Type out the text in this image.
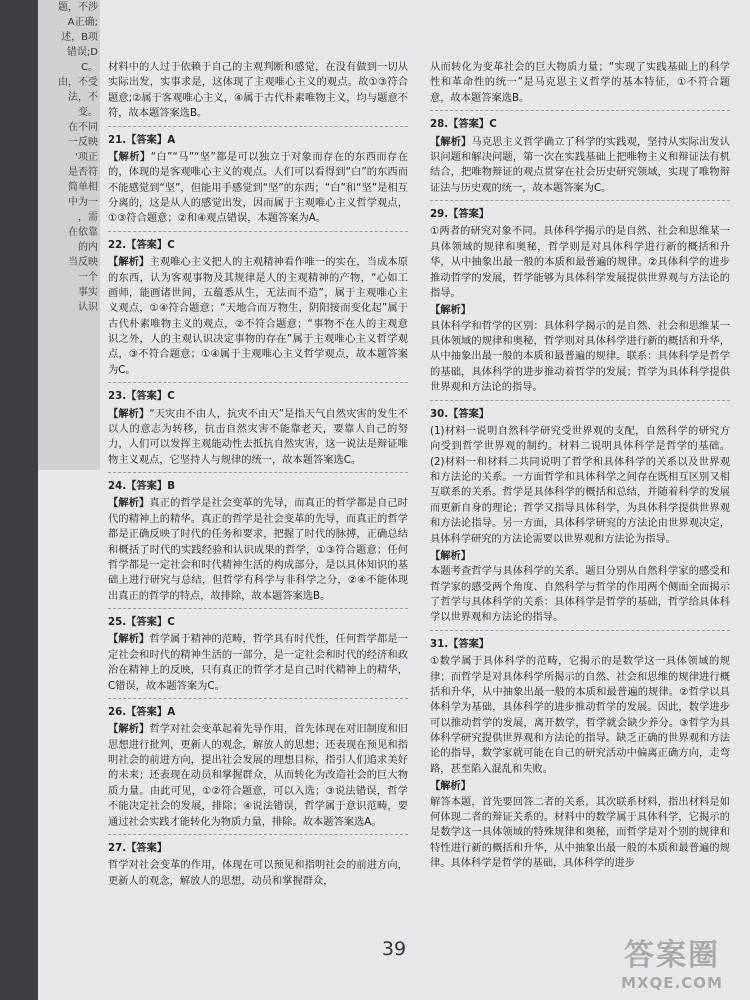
题，不涉
A正确;
述，B项
错误;D
C。
由，不受
法，不
变。
在不同
一反映
'项正
是否符
简单相
中为一
，需
在依靠
的内
当反映
一个
事实
认识

材料中的人过于依赖于自己的主观判断和感觉，在没有做到一切从实际出发，实事求是，这体现了主观唯心主义的观点。故①③符合题意;②属于客观唯心主义，④属于古代朴素唯物主义，均与题意不符，故本题答案选B。

21.【答案】A

【解析】“白”“马”“坚”都是可以独立于对象而存在的东西而存在的，体现的是客观唯心主义的观点。人们可以看得到“白”的东西而不能感觉到“坚”，但能用手感觉到“坚”的东西；“白”和“坚”是相互分离的，这是从人的感觉出发，因而属于主观唯心主义哲学观点，①③符合题意；②和④观点错误，本题答案为A。

22.【答案】C

【解析】主观唯心主义把人的主观精神看作唯一的实在，当成本原的东西，认为客观事物及其规律是人的主观精神的产物，“心如工画师，能画诸世间，五蕴悉从生，无法而不造”，属于主观唯心主义观点，①④符合题意；“天地合而万物生，阴阳接而变化起”属于古代朴素唯物主义的观点，②不符合题意；“事物不在人的主观意识之外，人的主观认识决定事物的存在”属于主观唯心主义哲学观点，③不符合题意；①④属于主观唯心主义哲学观点，故本题答案为C。

23.【答案】C

【解析】“天灾由不由人，抗灾不由天”是指天气自然灾害的发生不以人的意志为转移，抗击自然灾害不能靠老天，要靠人自己的努力，人们可以发挥主观能动性去抵抗自然灾害，这一说法是辩证唯物主义观点，它坚持人与规律的统一，故本题答案选C。

24.【答案】B

【解析】真正的哲学是社会变革的先导，而真正的哲学都是自己时代的精神上的精华。真正的哲学是社会变革的先导，而真正的哲学都是正确反映了时代的任务和要求，把握了时代的脉搏，正确总结和概括了时代的实践经验和认识成果的哲学，①③符合题意；任何哲学都是一定社会和时代精神生活的构成部分，是以具体知识的基础上进行研究与总结，但哲学有科学与非科学之分，②④不能体现出真正的哲学的特点，故排除，故本题答案选B。

25.【答案】C

【解析】哲学属于精神的范畴，哲学具有时代性，任何哲学都是一定社会和时代的精神生活的一部分，是一定社会和时代的经济和政治在精神上的反映，只有真正的哲学才是自己时代精神上的精华，C错误，故本题答案为C。

26.【答案】A

【解析】哲学对社会变革起着先导作用，首先体现在对旧制度和旧思想进行批判，更新人的观念，解放人的思想；还表现在预见和指明社会的前进方向，提出社会发展的理想目标，指引人们追求美好的未来；还表现在动员和掌握群众，从而转化为改造社会的巨大物质力量。由此可见，①②符合题意，可以入选；③说法错误，哲学不能决定社会的发展，排除；④说法错误，哲学属于意识范畴，要通过社会实践才能转化为物质力量，排除。故本题答案选A。

27.【答案】

哲学对社会变革的作用，体现在可以预见和指明社会的前进方向，更新人的观念，解放人的思想，动员和掌握群众，

从而转化为变革社会的巨大物质力量；“实现了实践基础上的科学性和革命性的统一”是马克思主义哲学的基本特征，①不符合题意，故本题答案选B。

28.【答案】C

【解析】马克思主义哲学确立了科学的实践观，坚持从实际出发认识问题和解决问题，第一次在实践基础上把唯物主义和辩证法有机结合，把唯物辩证的观点贯穿在社会历史研究领域，实现了唯物辩证法与历史观的统一，故本题答案为C。

29.【答案】

①两者的研究对象不同。具体科学揭示的是自然、社会和思维某一具体领域的规律和奥秘，哲学则是对具体科学进行新的概括和升华，从中抽象出最一般的本质和最普遍的规律。②具体科学的进步推动哲学的发展，哲学能够为具体科学发展提供世界观与方法论的指导。

【解析】

具体科学和哲学的区别：具体科学揭示的是自然、社会和思维某一具体领域的规律和奥秘，哲学则对具体科学进行新的概括和升华，从中抽象出最一般的本质和最普遍的规律。联系：具体科学是哲学的基础，具体科学的进步推动着哲学的发展；哲学为具体科学提供世界观和方法论的指导。

30.【答案】

(1)材料一说明自然科学研究受世界观的支配，自然科学的研究方向受到哲学世界观的制约。材料二说明具体科学是哲学的基础。(2)材料一和材料二共同说明了哲学和具体科学的关系以及世界观和方法论的关系。一方面哲学和具体科学之间存在既相互区别又相互联系的关系。哲学是具体科学的概括和总结，并随着科学的发展而更新自身的理论；哲学又指导具体科学，为具体科学提供世界观和方法论指导。另一方面，具体科学研究的方法论由世界观决定，具体科学研究的方法论需要以世界观和方法论为指导。

【解析】

本题考查哲学与具体科学的关系。题目分别从自然科学家的感受和哲学家的感受两个角度、自然科学与哲学的作用两个侧面全面揭示了哲学与具体科学的关系：具体科学是哲学的基础，哲学给具体科学以世界观和方法论的指导。

31.【答案】

①数学属于具体科学的范畴，它揭示的是数学这一具体领域的规律；而哲学是对具体科学所揭示的自然、社会和思维的规律进行概括和升华，从中抽象出最一般的本质和最普遍的规律。②哲学以具体科学为基础，具体科学的进步推动哲学的发展。因此，数学进步可以推动哲学的发展，离开数学，哲学就会缺少养分。③哲学为具体科学研究提供世界观和方法论的指导。缺乏正确的世界观和方法论的指导，数学家就可能在自己的研究活动中偏离正确方向，走弯路，甚至陷入混乱和失败。

【解析】

解答本题，首先要回答二者的关系，其次联系材料，指出材料是如何体现二者的辩证关系的。材料中的数学属于具体科学，它揭示的是数学这一具体领域的特殊规律和奥秘，而哲学是对个别的规律和特性进行新的概括和升华，从中抽象出最一般的本质和最普遍的规律。具体科学是哲学的基础，具体科学的进步

39	答案圈
MXQE.COM
